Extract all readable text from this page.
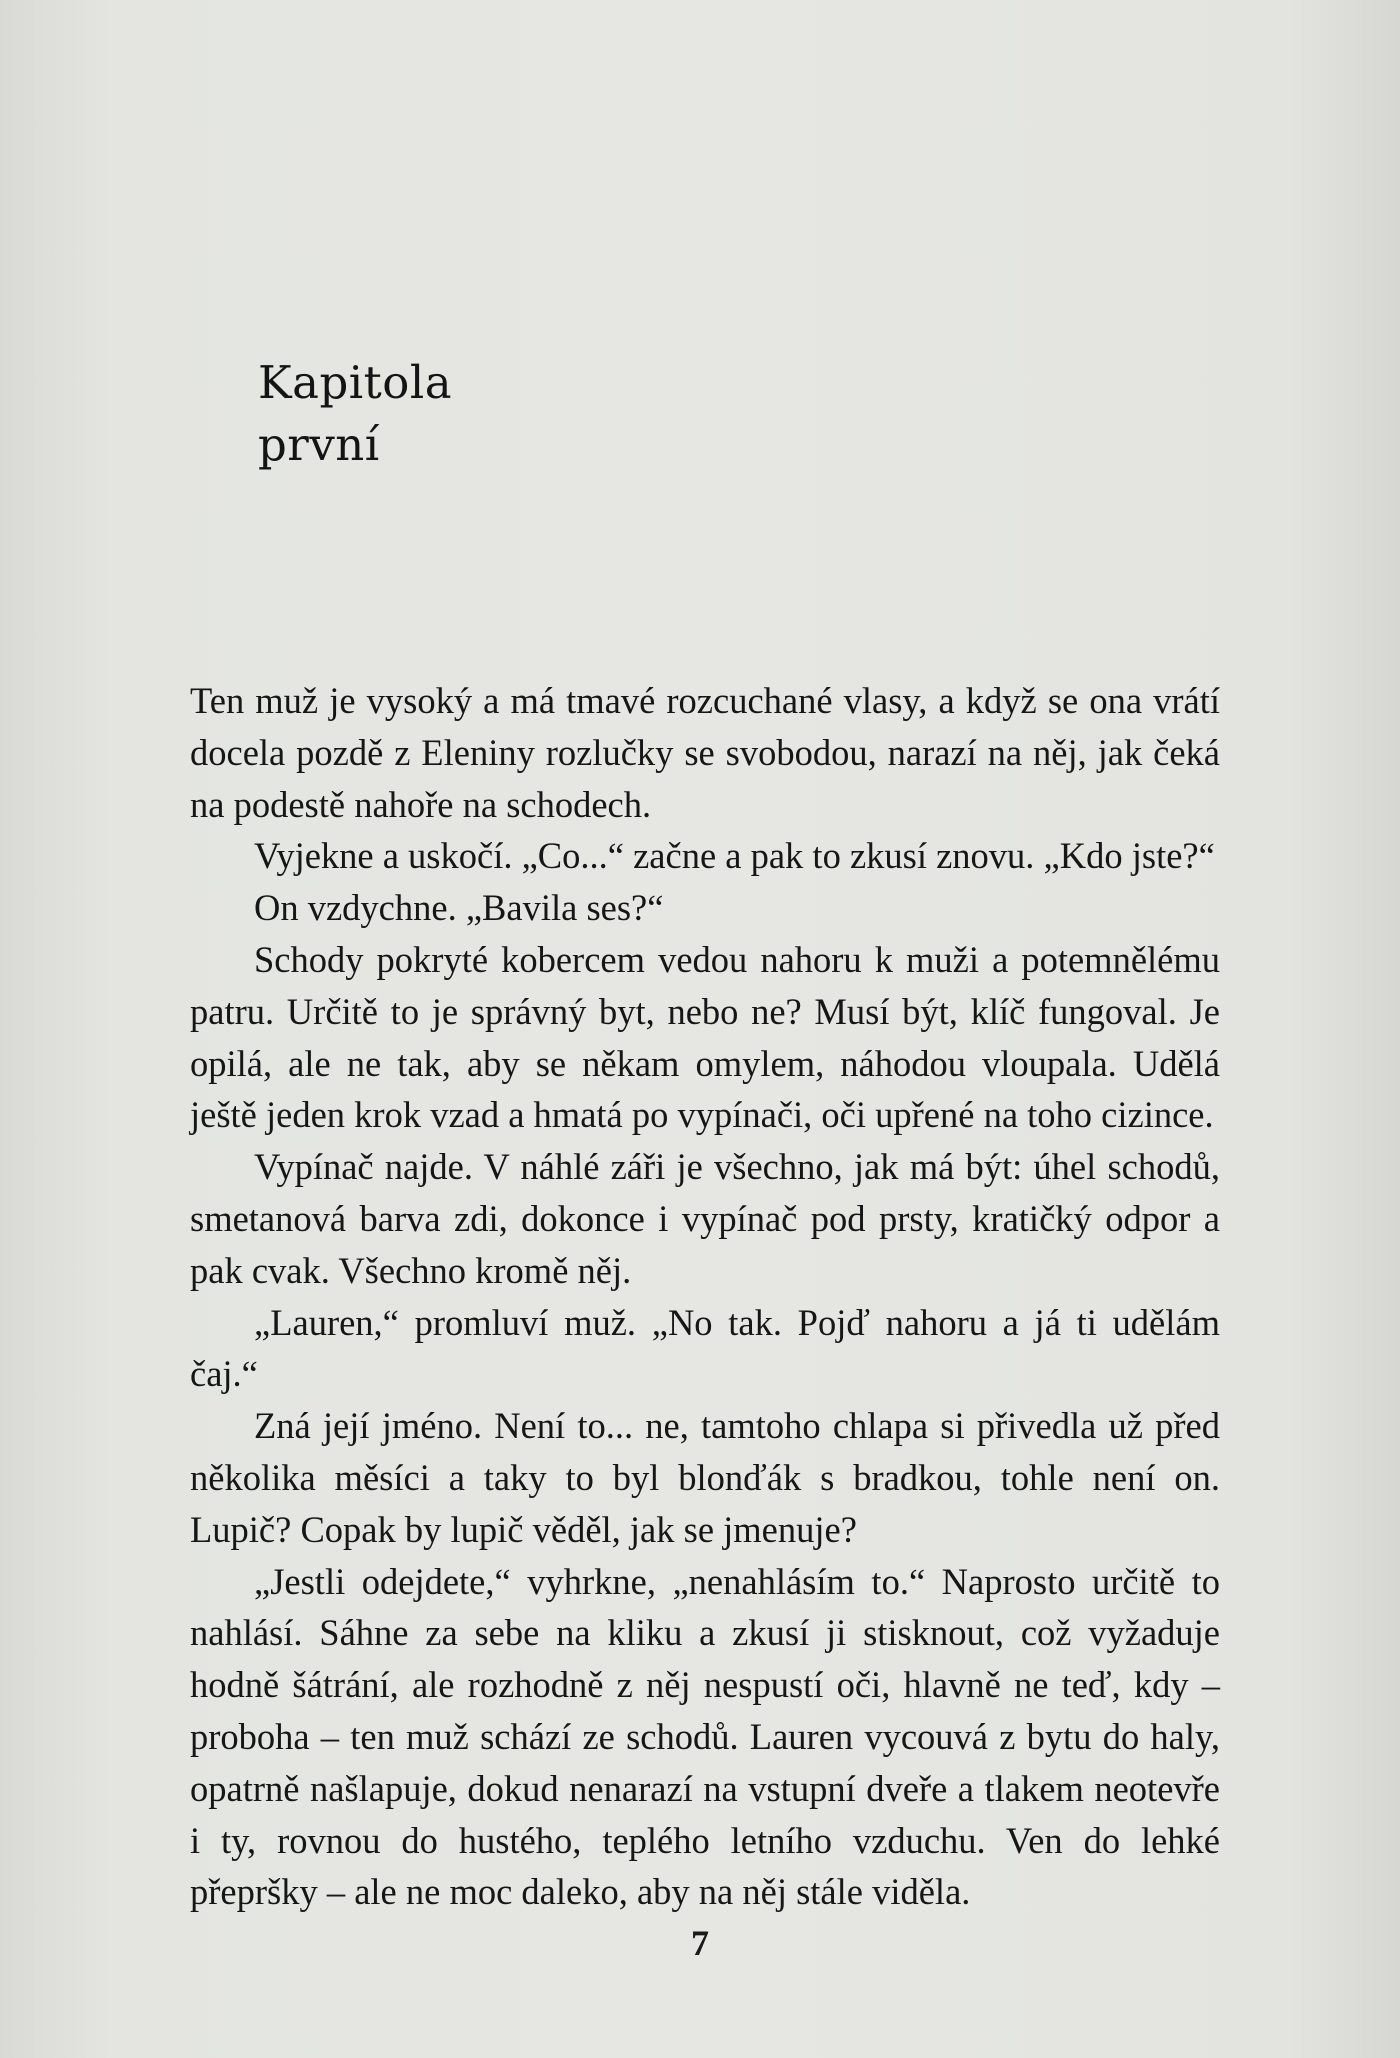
Kapitola
první

Ten muž je vysoký a má tmavé rozcuchané vlasy, a když se ona vrátí docela pozdě z Eleniny rozlučky se svobodou, narazí na něj, jak čeká na podestě nahoře na schodech.

Vyjekne a uskočí. „Co...“ začne a pak to zkusí znovu. „Kdo jste?“

On vzdychne. „Bavila ses?“

Schody pokryté kobercem vedou nahoru k muži a potemnělému patru. Určitě to je správný byt, nebo ne? Musí být, klíč fungoval. Je opilá, ale ne tak, aby se někam omylem, náhodou vloupala. Udělá ještě jeden krok vzad a hmatá po vypínači, oči upřené na toho cizince.

Vypínač najde. V náhlé záři je všechno, jak má být: úhel schodů, smetanová barva zdi, dokonce i vypínač pod prsty, kratičký odpor a pak cvak. Všechno kromě něj.

„Lauren,“ promluví muž. „No tak. Pojď nahoru a já ti udělám čaj.“

Zná její jméno. Není to... ne, tamtoho chlapa si přivedla už před několika měsíci a taky to byl blonďák s bradkou, tohle není on. Lupič? Copak by lupič věděl, jak se jmenuje?

„Jestli odejdete,“ vyhrkne, „nenahlásím to.“ Naprosto určitě to nahlásí. Sáhne za sebe na kliku a zkusí ji stisknout, což vyžaduje hodně šátrání, ale rozhodně z něj nespustí oči, hlavně ne teď, kdy – proboha – ten muž schází ze schodů. Lauren vycouvá z bytu do haly, opatrně našlapuje, dokud nenarazí na vstupní dveře a tlakem neotevře i ty, rovnou do hustého, teplého letního vzduchu. Ven do lehké přepršky – ale ne moc daleko, aby na něj stále viděla.

7
